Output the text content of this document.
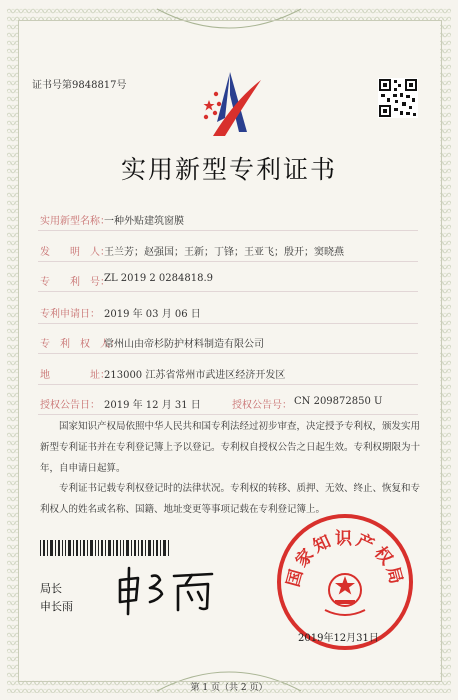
证书号第9848817号
实用新型专利证书
实用新型名称：
一种外贴建筑窗膜
发　　明　人：
王兰芳；赵强国；王新；丁锋；王亚飞；殷开；窦晓燕
专　　利　号：
ZL 2019 2 0284818.9
专利申请日： 2019 年 03 月 06 日
专　利　权　人：
常州山由帝杉防护材料制造有限公司
地　　　　址：
213000 江苏省常州市武进区经济开发区
授权公告日： 2019 年 12 月 31 日	授权公告号： CN 209872850 U
国家知识产权局依照中华人民共和国专利法经过初步审查，决定授予专利权，颁发实用新型专利证书并在专利登记簿上予以登记。专利权自授权公告之日起生效。专利权期限为十年，自申请日起算。
专利证书记载专利权登记时的法律状况。专利权的转移、质押、无效、终止、恢复和专利权人的姓名或名称、国籍、地址变更等事项记载在专利登记簿上。
局长
申长雨
国家知识产权局
2019年12月31日
第 1 页（共 2 页）
